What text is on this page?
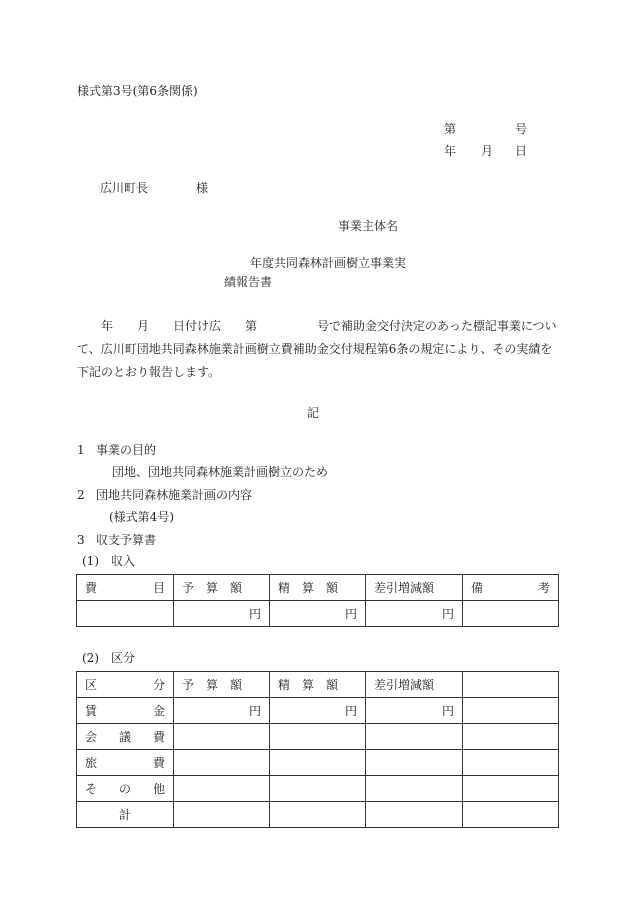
様式第3号(第6条関係)
第	号
年 月 日
広川町長	様
事業主体名
年度共同森林計画樹立事業実
績報告書

　　年　　月　　日付け広　　第　　　　　号で補助金交付決定のあった標記事業について、広川町団地共同森林施業計画樹立費補助金交付規程第6条の規定により、その実績を下記のとおり報告します。

記
1 事業の目的
団地、団地共同森林施業計画樹立のため
2 団地共同森林施業計画の内容
(様式第4号)
3 収支予算書
(1)　収入
費　　目	予　算　額	精　算　額	差引増減額	備　　考
	円	円	円	
(2)　区分
区　　分	予　算　額	精　算　額	差引増減額	
賃　　金	円	円	円	
会　議　費				
旅　　費				
そ　の　他				
計				
